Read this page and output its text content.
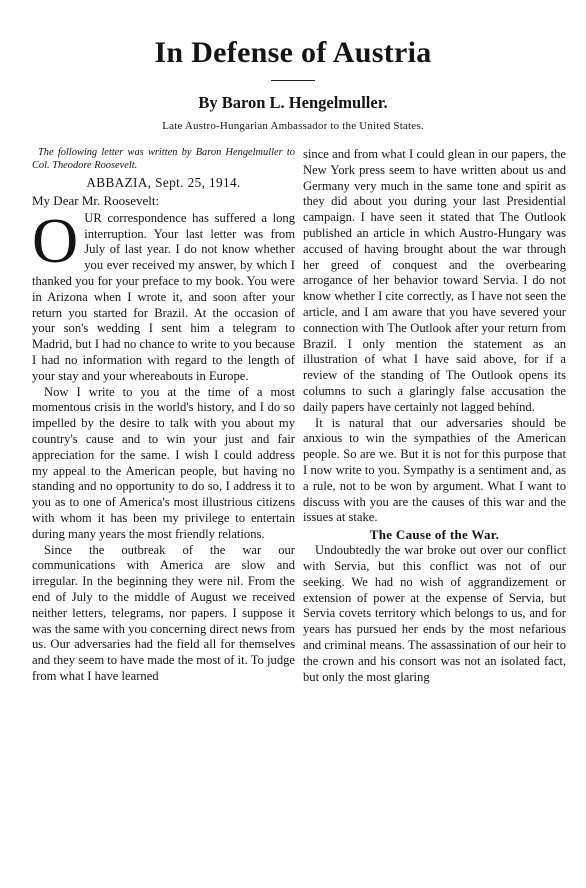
In Defense of Austria
By Baron L. Hengelmuller.
Late Austro-Hungarian Ambassador to the United States.

The following letter was written by Baron Hengelmuller to Col. Theodore Roosevelt.

ABBAZIA, Sept. 25, 1914.
My Dear Mr. Roosevelt:

OUR correspondence has suffered a long interruption. Your last letter was from July of last year. I do not know whether you ever received my answer, by which I thanked you for your preface to my book. You were in Arizona when I wrote it, and soon after your return you started for Brazil. At the occasion of your son's wedding I sent him a telegram to Madrid, but I had no chance to write to you because I had no information with regard to the length of your stay and your whereabouts in Europe.

Now I write to you at the time of a most momentous crisis in the world's history, and I do so impelled by the desire to talk with you about my country's cause and to win your just and fair appreciation for the same. I wish I could address my appeal to the American people, but having no standing and no opportunity to do so, I address it to you as to one of America's most illustrious citizens with whom it has been my privilege to entertain during many years the most friendly relations.

Since the outbreak of the war our communications with America are slow and irregular. In the beginning they were nil. From the end of July to the middle of August we received neither letters, telegrams, nor papers. I suppose it was the same with you concerning direct news from us. Our adversaries had the field all for themselves and they seem to have made the most of it. To judge from what I have learned

since and from what I could glean in our papers, the New York press seem to have written about us and Germany very much in the same tone and spirit as they did about you during your last Presidential campaign. I have seen it stated that The Outlook published an article in which Austro-Hungary was accused of having brought about the war through her greed of conquest and the overbearing arrogance of her behavior toward Servia. I do not know whether I cite correctly, as I have not seen the article, and I am aware that you have severed your connection with The Outlook after your return from Brazil. I only mention the statement as an illustration of what I have said above, for if a review of the standing of The Outlook opens its columns to such a glaringly false accusation the daily papers have certainly not lagged behind.

It is natural that our adversaries should be anxious to win the sympathies of the American people. So are we. But it is not for this purpose that I now write to you. Sympathy is a sentiment and, as a rule, not to be won by argument. What I want to discuss with you are the causes of this war and the issues at stake.

The Cause of the War.

Undoubtedly the war broke out over our conflict with Servia, but this conflict was not of our seeking. We had no wish of aggrandizement or extension of power at the expense of Servia, but Servia covets territory which belongs to us, and for years has pursued her ends by the most nefarious and criminal means. The assassination of our heir to the crown and his consort was not an isolated fact, but only the most glaring
